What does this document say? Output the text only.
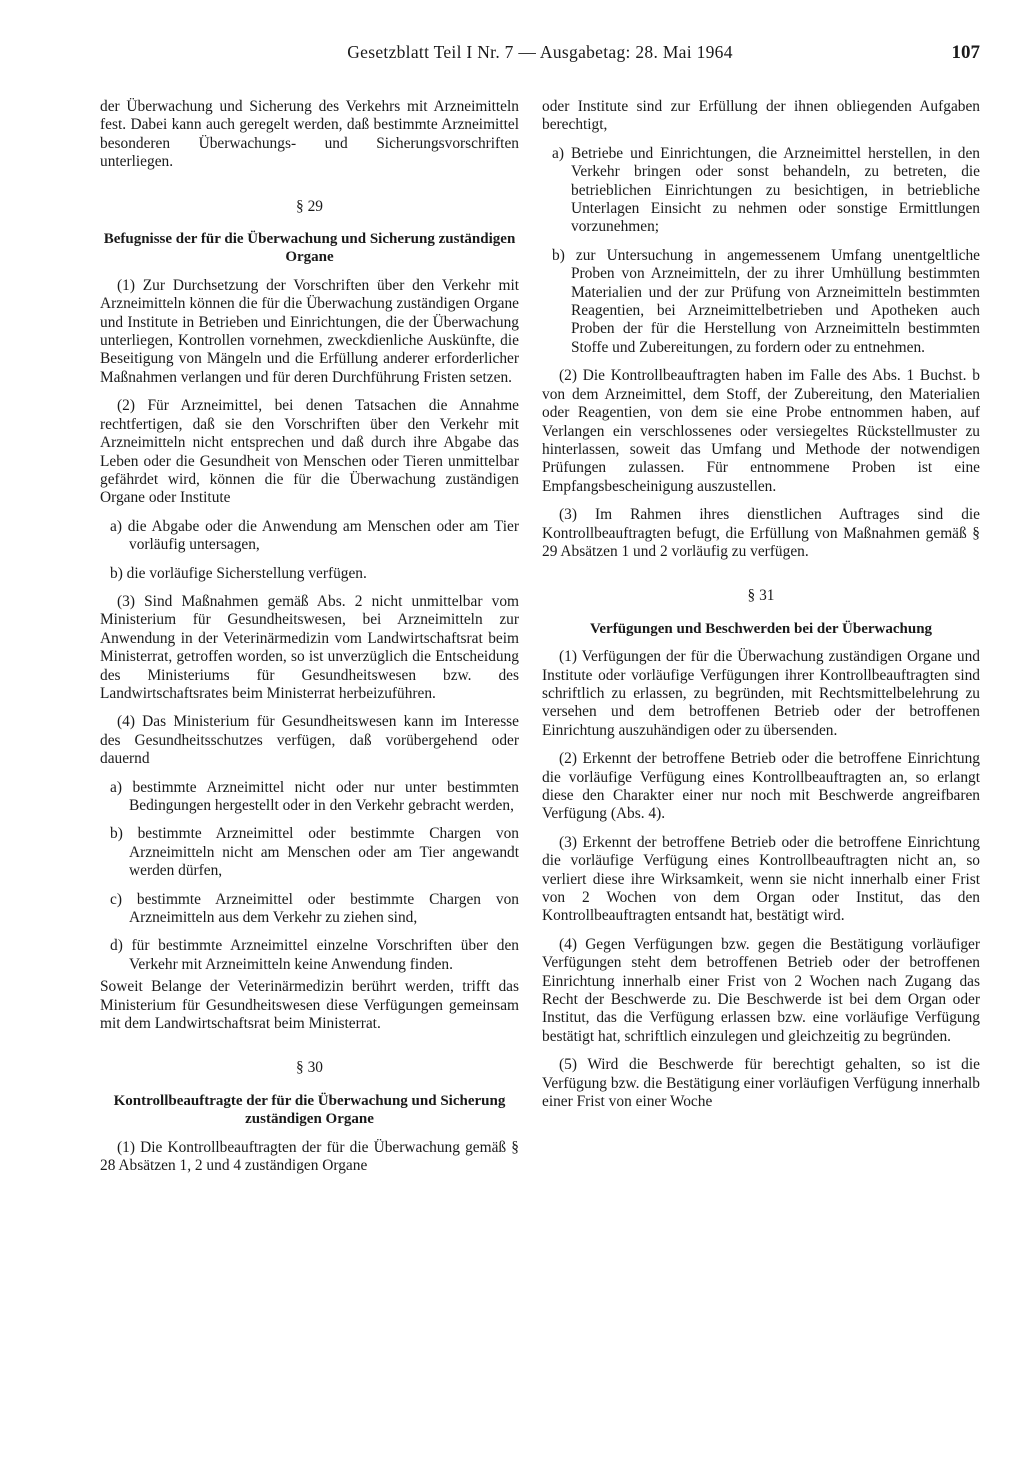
Gesetzblatt Teil I Nr. 7 — Ausgabetag: 28. Mai 1964	107

der Überwachung und Sicherung des Verkehrs mit Arzneimitteln fest. Dabei kann auch geregelt werden, daß bestimmte Arzneimittel besonderen Überwachungs- und Sicherungsvorschriften unterliegen.

§ 29

Befugnisse der für die Überwachung und Sicherung zuständigen Organe

(1) Zur Durchsetzung der Vorschriften über den Verkehr mit Arzneimitteln können die für die Überwachung zuständigen Organe und Institute in Betrieben und Einrichtungen, die der Überwachung unterliegen, Kontrollen vornehmen, zweckdienliche Auskünfte, die Beseitigung von Mängeln und die Erfüllung anderer erforderlicher Maßnahmen verlangen und für deren Durchführung Fristen setzen.

(2) Für Arzneimittel, bei denen Tatsachen die Annahme rechtfertigen, daß sie den Vorschriften über den Verkehr mit Arzneimitteln nicht entsprechen und daß durch ihre Abgabe das Leben oder die Gesundheit von Menschen oder Tieren unmittelbar gefährdet wird, können die für die Überwachung zuständigen Organe oder Institute

a) die Abgabe oder die Anwendung am Menschen oder am Tier vorläufig untersagen,

b) die vorläufige Sicherstellung verfügen.

(3) Sind Maßnahmen gemäß Abs. 2 nicht unmittelbar vom Ministerium für Gesundheitswesen, bei Arzneimitteln zur Anwendung in der Veterinärmedizin vom Landwirtschaftsrat beim Ministerrat, getroffen worden, so ist unverzüglich die Entscheidung des Ministeriums für Gesundheitswesen bzw. des Landwirtschaftsrates beim Ministerrat herbeizuführen.

(4) Das Ministerium für Gesundheitswesen kann im Interesse des Gesundheitsschutzes verfügen, daß vorübergehend oder dauernd

a) bestimmte Arzneimittel nicht oder nur unter bestimmten Bedingungen hergestellt oder in den Verkehr gebracht werden,

b) bestimmte Arzneimittel oder bestimmte Chargen von Arzneimitteln nicht am Menschen oder am Tier angewandt werden dürfen,

c) bestimmte Arzneimittel oder bestimmte Chargen von Arzneimitteln aus dem Verkehr zu ziehen sind,

d) für bestimmte Arzneimittel einzelne Vorschriften über den Verkehr mit Arzneimitteln keine Anwendung finden.

Soweit Belange der Veterinärmedizin berührt werden, trifft das Ministerium für Gesundheitswesen diese Verfügungen gemeinsam mit dem Landwirtschaftsrat beim Ministerrat.

§ 30

Kontrollbeauftragte der für die Überwachung und Sicherung zuständigen Organe

(1) Die Kontrollbeauftragten der für die Überwachung gemäß § 28 Absätzen 1, 2 und 4 zuständigen Organe

oder Institute sind zur Erfüllung der ihnen obliegenden Aufgaben berechtigt,

a) Betriebe und Einrichtungen, die Arzneimittel herstellen, in den Verkehr bringen oder sonst behandeln, zu betreten, die betrieblichen Einrichtungen zu besichtigen, in betriebliche Unterlagen Einsicht zu nehmen oder sonstige Ermittlungen vorzunehmen;

b) zur Untersuchung in angemessenem Umfang unentgeltliche Proben von Arzneimitteln, der zu ihrer Umhüllung bestimmten Materialien und der zur Prüfung von Arzneimitteln bestimmten Reagentien, bei Arzneimittelbetrieben und Apotheken auch Proben der für die Herstellung von Arzneimitteln bestimmten Stoffe und Zubereitungen, zu fordern oder zu entnehmen.

(2) Die Kontrollbeauftragten haben im Falle des Abs. 1 Buchst. b von dem Arzneimittel, dem Stoff, der Zubereitung, den Materialien oder Reagentien, von dem sie eine Probe entnommen haben, auf Verlangen ein verschlossenes oder versiegeltes Rückstellmuster zu hinterlassen, soweit das Umfang und Methode der notwendigen Prüfungen zulassen. Für entnommene Proben ist eine Empfangsbescheinigung auszustellen.

(3) Im Rahmen ihres dienstlichen Auftrages sind die Kontrollbeauftragten befugt, die Erfüllung von Maßnahmen gemäß § 29 Absätzen 1 und 2 vorläufig zu verfügen.

§ 31

Verfügungen und Beschwerden bei der Überwachung

(1) Verfügungen der für die Überwachung zuständigen Organe und Institute oder vorläufige Verfügungen ihrer Kontrollbeauftragten sind schriftlich zu erlassen, zu begründen, mit Rechtsmittelbelehrung zu versehen und dem betroffenen Betrieb oder der betroffenen Einrichtung auszuhändigen oder zu übersenden.

(2) Erkennt der betroffene Betrieb oder die betroffene Einrichtung die vorläufige Verfügung eines Kontrollbeauftragten an, so erlangt diese den Charakter einer nur noch mit Beschwerde angreifbaren Verfügung (Abs. 4).

(3) Erkennt der betroffene Betrieb oder die betroffene Einrichtung die vorläufige Verfügung eines Kontrollbeauftragten nicht an, so verliert diese ihre Wirksamkeit, wenn sie nicht innerhalb einer Frist von 2 Wochen von dem Organ oder Institut, das den Kontrollbeauftragten entsandt hat, bestätigt wird.

(4) Gegen Verfügungen bzw. gegen die Bestätigung vorläufiger Verfügungen steht dem betroffenen Betrieb oder der betroffenen Einrichtung innerhalb einer Frist von 2 Wochen nach Zugang das Recht der Beschwerde zu. Die Beschwerde ist bei dem Organ oder Institut, das die Verfügung erlassen bzw. eine vorläufige Verfügung bestätigt hat, schriftlich einzulegen und gleichzeitig zu begründen.

(5) Wird die Beschwerde für berechtigt gehalten, so ist die Verfügung bzw. die Bestätigung einer vorläufigen Verfügung innerhalb einer Frist von einer Woche
